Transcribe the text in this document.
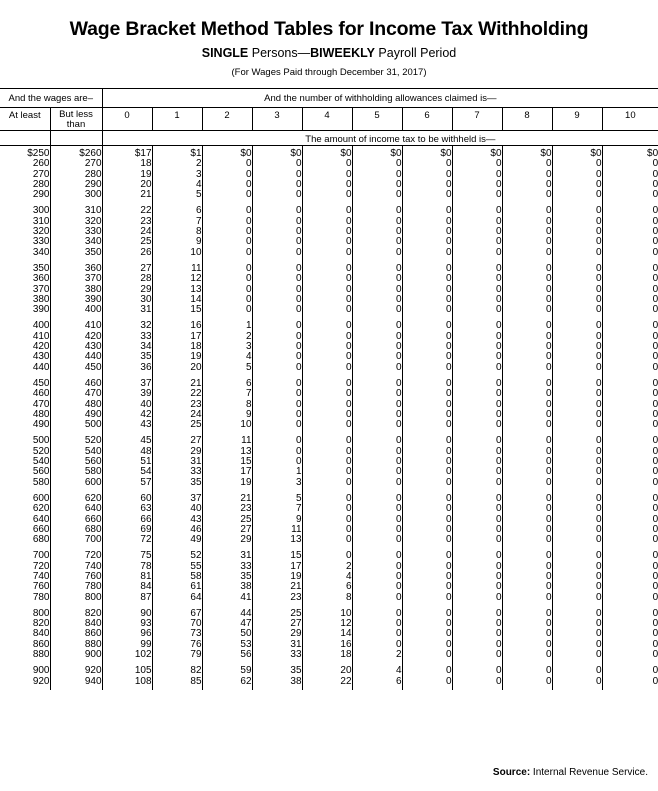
Wage Bracket Method Tables for Income Tax Withholding
SINGLE Persons—BIWEEKLY Payroll Period
(For Wages Paid through December 31, 2017)
And the wages are–		And the number of withholding allowances claimed is—										
At least	But less than	0	1	2	3	4	5	6	7	8	9	10
		The amount of income tax to be withheld is—										
$250	$260	$17	$1	$0	$0	$0	$0	$0	$0	$0	$0	$0
260	270	18	2	0	0	0	0	0	0	0	0	0
270	280	19	3	0	0	0	0	0	0	0	0	0
280	290	20	4	0	0	0	0	0	0	0	0	0
290	300	21	5	0	0	0	0	0	0	0	0	0
300	310	22	6	0	0	0	0	0	0	0	0	0
310	320	23	7	0	0	0	0	0	0	0	0	0
320	330	24	8	0	0	0	0	0	0	0	0	0
330	340	25	9	0	0	0	0	0	0	0	0	0
340	350	26	10	0	0	0	0	0	0	0	0	0
350	360	27	11	0	0	0	0	0	0	0	0	0
360	370	28	12	0	0	0	0	0	0	0	0	0
370	380	29	13	0	0	0	0	0	0	0	0	0
380	390	30	14	0	0	0	0	0	0	0	0	0
390	400	31	15	0	0	0	0	0	0	0	0	0
400	410	32	16	1	0	0	0	0	0	0	0	0
410	420	33	17	2	0	0	0	0	0	0	0	0
420	430	34	18	3	0	0	0	0	0	0	0	0
430	440	35	19	4	0	0	0	0	0	0	0	0
440	450	36	20	5	0	0	0	0	0	0	0	0
450	460	37	21	6	0	0	0	0	0	0	0	0
460	470	39	22	7	0	0	0	0	0	0	0	0
470	480	40	23	8	0	0	0	0	0	0	0	0
480	490	42	24	9	0	0	0	0	0	0	0	0
490	500	43	25	10	0	0	0	0	0	0	0	0
500	520	45	27	11	0	0	0	0	0	0	0	0
520	540	48	29	13	0	0	0	0	0	0	0	0
540	560	51	31	15	0	0	0	0	0	0	0	0
560	580	54	33	17	1	0	0	0	0	0	0	0
580	600	57	35	19	3	0	0	0	0	0	0	0
600	620	60	37	21	5	0	0	0	0	0	0	0
620	640	63	40	23	7	0	0	0	0	0	0	0
640	660	66	43	25	9	0	0	0	0	0	0	0
660	680	69	46	27	11	0	0	0	0	0	0	0
680	700	72	49	29	13	0	0	0	0	0	0	0
700	720	75	52	31	15	0	0	0	0	0	0	0
720	740	78	55	33	17	2	0	0	0	0	0	0
740	760	81	58	35	19	4	0	0	0	0	0	0
760	780	84	61	38	21	6	0	0	0	0	0	0
780	800	87	64	41	23	8	0	0	0	0	0	0
800	820	90	67	44	25	10	0	0	0	0	0	0
820	840	93	70	47	27	12	0	0	0	0	0	0
840	860	96	73	50	29	14	0	0	0	0	0	0
860	880	99	76	53	31	16	0	0	0	0	0	0
880	900	102	79	56	33	18	2	0	0	0	0	0
900	920	105	82	59	35	20	4	0	0	0	0	0
920	940	108	85	62	38	22	6	0	0	0	0	0
Source: Internal Revenue Service.
